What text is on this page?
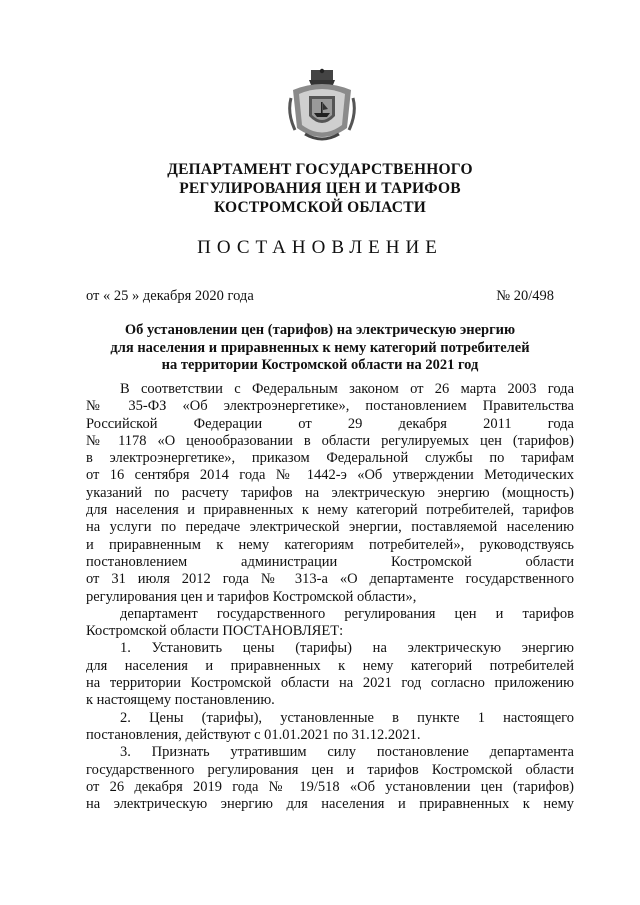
ДЕПАРТАМЕНТ ГОСУДАРСТВЕННОГО
РЕГУЛИРОВАНИЯ ЦЕН И ТАРИФОВ
КОСТРОМСКОЙ ОБЛАСТИ
ПОСТАНОВЛЕНИЕ
от « 25 » декабря 2020 года	№ 20/498
Об установлении цен (тарифов) на электрическую энергию
для населения и приравненных к нему категорий потребителей
на территории Костромской области на 2021 год
В соответствии с Федеральным законом от 26 марта 2003 года
№ 35-ФЗ «Об электроэнергетике», постановлением Правительства
Российской Федерации от 29 декабря 2011 года
№ 1178 «О ценообразовании в области регулируемых цен (тарифов)
в электроэнергетике», приказом Федеральной службы по тарифам
от 16 сентября 2014 года № 1442-э «Об утверждении Методических
указаний по расчету тарифов на электрическую энергию (мощность)
для населения и приравненных к нему категорий потребителей, тарифов
на услуги по передаче электрической энергии, поставляемой населению
и приравненным к нему категориям потребителей», руководствуясь
постановлением администрации Костромской области
от 31 июля 2012 года № 313-а «О департаменте государственного
регулирования цен и тарифов Костромской области»,
департамент государственного регулирования цен и тарифов
Костромской области ПОСТАНОВЛЯЕТ:
1. Установить цены (тарифы) на электрическую энергию
для населения и приравненных к нему категорий потребителей
на территории Костромской области на 2021 год согласно приложению
к настоящему постановлению.
2. Цены (тарифы), установленные в пункте 1 настоящего
постановления, действуют с 01.01.2021 по 31.12.2021.
3. Признать утратившим силу постановление департамента
государственного регулирования цен и тарифов Костромской области
от 26 декабря 2019 года № 19/518 «Об установлении цен (тарифов)
на электрическую энергию для населения и приравненных к нему
